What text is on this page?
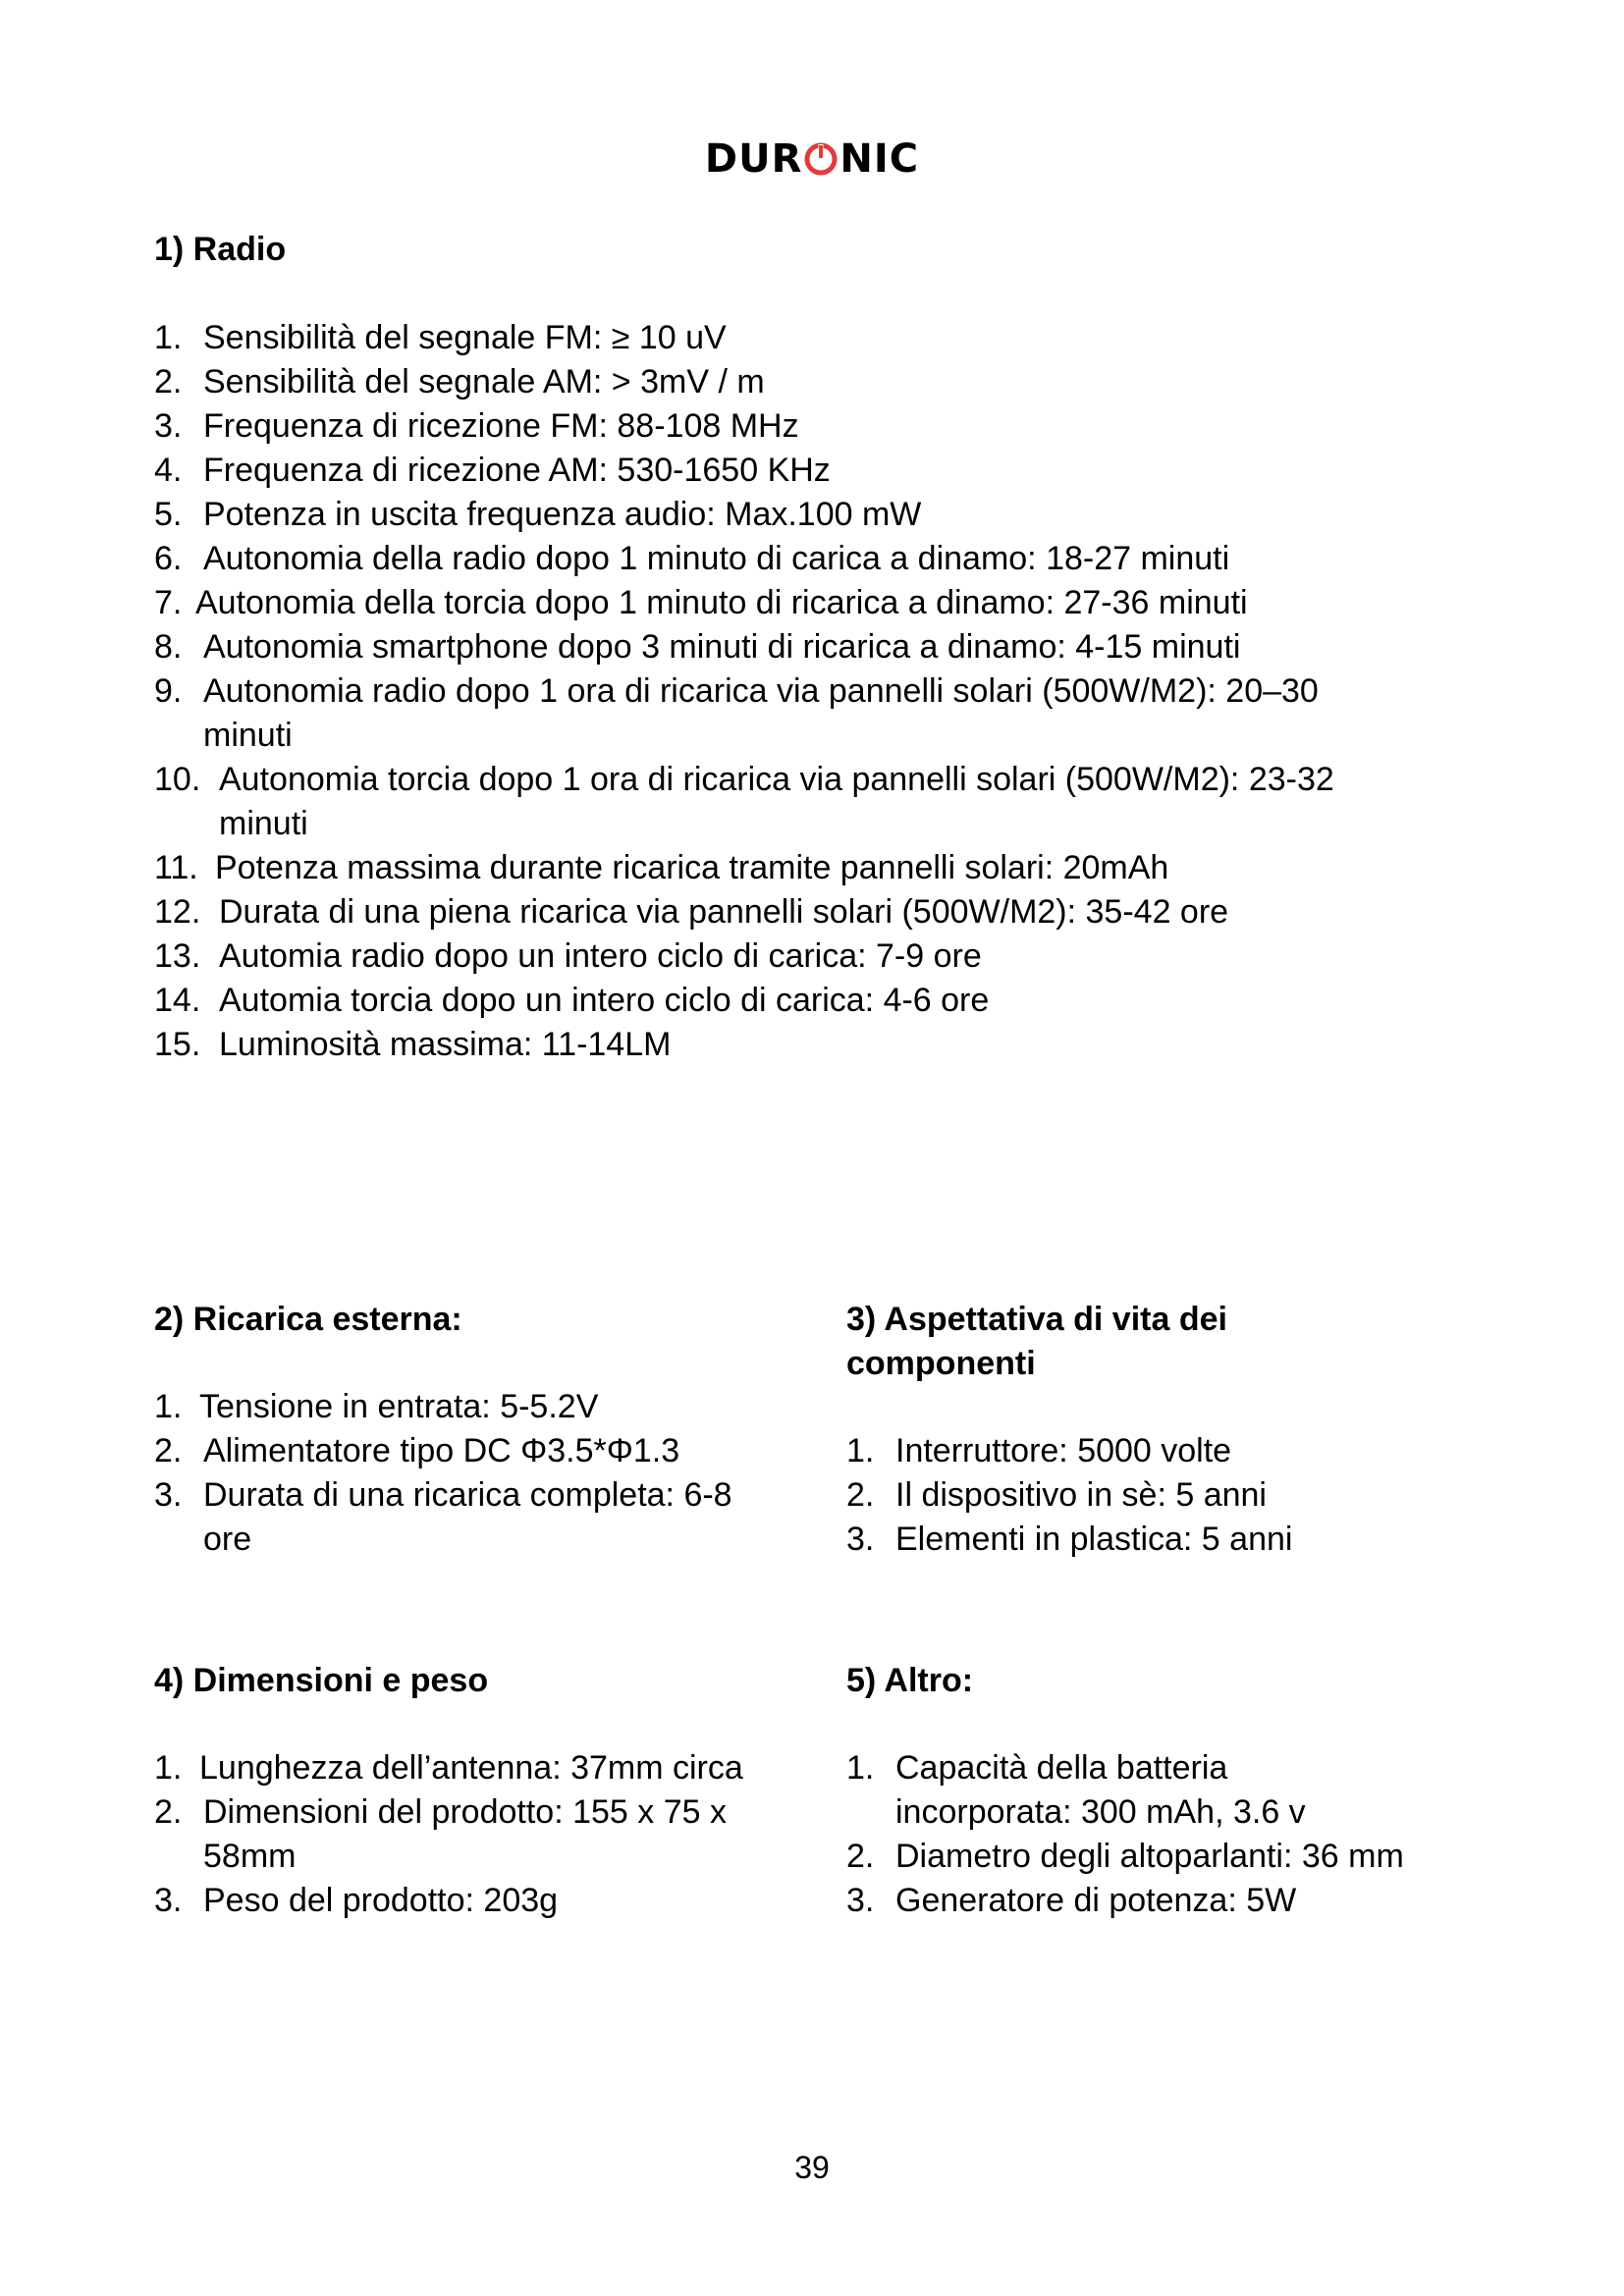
DUR NIC
1) Radio
1. Sensibilità del segnale FM: ≥ 10 uV
2. Sensibilità del segnale AM: > 3mV / m
3. Frequenza di ricezione FM: 88-108 MHz
4. Frequenza di ricezione AM: 530-1650 KHz
5. Potenza in uscita frequenza audio: Max.100 mW
6. Autonomia della radio dopo 1 minuto di carica a dinamo: 18-27 minuti
7. Autonomia della torcia dopo 1 minuto di ricarica a dinamo: 27-36 minuti
8. Autonomia smartphone dopo 3 minuti di ricarica a dinamo: 4-15 minuti
9. Autonomia radio dopo 1 ora di ricarica via pannelli solari (500W/M2): 20–30 minuti
10. Autonomia torcia dopo 1 ora di ricarica via pannelli solari (500W/M2): 23-32 minuti
11. Potenza massima durante ricarica tramite pannelli solari: 20mAh
12. Durata di una piena ricarica via pannelli solari (500W/M2): 35-42 ore
13. Automia radio dopo un intero ciclo di carica: 7-9 ore
14. Automia torcia dopo un intero ciclo di carica: 4-6 ore
15. Luminosità massima: 11-14LM
2) Ricarica esterna:
1. Tensione in entrata: 5-5.2V
2. Alimentatore tipo DC Φ3.5*Φ1.3
3. Durata di una ricarica completa: 6-8 ore
3) Aspettativa di vita dei componenti
1. Interruttore: 5000 volte
2. Il dispositivo in sè: 5 anni
3. Elementi in plastica: 5 anni
4) Dimensioni e peso
1. Lunghezza dell’antenna: 37mm circa
2. Dimensioni del prodotto: 155 x 75 x 58mm
3. Peso del prodotto: 203g
5) Altro:
1. Capacità della batteria incorporata: 300 mAh, 3.6 v
2. Diametro degli altoparlanti: 36 mm
3. Generatore di potenza: 5W
39
